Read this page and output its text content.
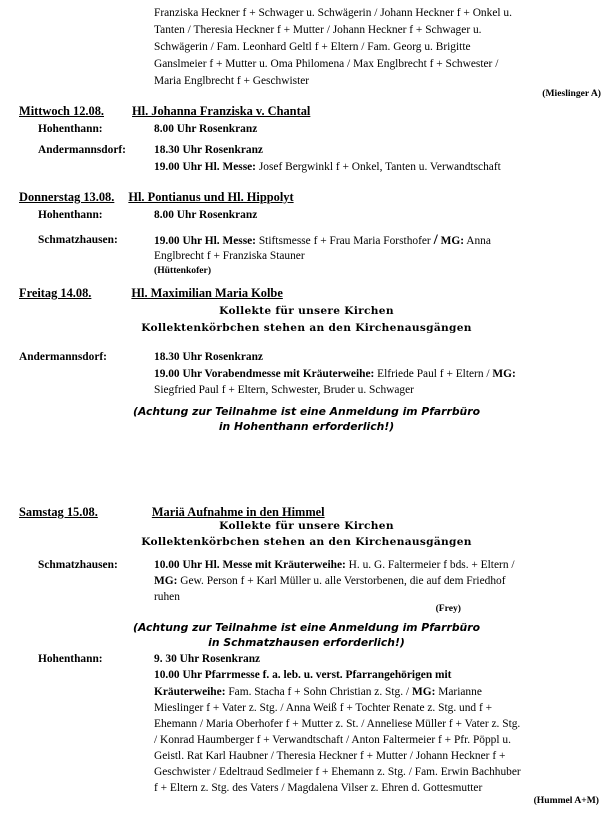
Franziska Heckner f + Schwager u. Schwägerin / Johann Heckner f + Onkel u.
Tanten / Theresia Heckner f + Mutter / Johann Heckner f + Schwager u.
Schwägerin / Fam. Leonhard Geltl f + Eltern / Fam. Georg u. Brigitte
Ganslmeier f + Mutter u. Oma Philomena / Max Englbrecht f + Schwester /
Maria Englbrecht f + Geschwister
(Mieslinger A)
Mittwoch 12.08. Hl. Johanna Franziska v. Chantal
Hohenthann:	8.00 Uhr Rosenkranz
Andermannsdorf: 18.30 Uhr Rosenkranz
19.00 Uhr Hl. Messe: Josef Bergwinkl f + Onkel, Tanten u. Verwandtschaft
Donnerstag 13.08. Hl. Pontianus und Hl. Hippolyt
Hohenthann:	8.00 Uhr Rosenkranz
Schmatzhausen:	19.00 Uhr Hl. Messe: Stiftsmesse f + Frau Maria Forsthofer / MG: Anna
Englbrecht f + Franziska Stauner
(Hüttenkofer)
Freitag 14.08.	Hl. Maximilian Maria Kolbe
Kollekte für unsere Kirchen
Kollektenkörbchen stehen an den Kirchenausgängen
Andermannsdorf:	18.30 Uhr Rosenkranz
19.00 Uhr Vorabendmesse mit Kräuterweihe: Elfriede Paul f + Eltern / MG:
Siegfried Paul f + Eltern, Schwester, Bruder u. Schwager
(Achtung zur Teilnahme ist eine Anmeldung im Pfarrbüro
in Hohenthann erforderlich!)
Samstag 15.08.	Mariä Aufnahme in den Himmel
Kollekte für unsere Kirchen
Kollektenkörbchen stehen an den Kirchenausgängen
Schmatzhausen:	10.00 Uhr Hl. Messe mit Kräuterweihe: H. u. G. Faltermeier f bds. + Eltern /
MG: Gew. Person f + Karl Müller u. alle Verstorbenen, die auf dem Friedhof
ruhen
(Frey)
(Achtung zur Teilnahme ist eine Anmeldung im Pfarrbüro
in Schmatzhausen erforderlich!)
Hohenthann:	9. 30 Uhr Rosenkranz
10.00 Uhr Pfarrmesse f. a. leb. u. verst. Pfarrangehörigen mit
Kräuterweihe: Fam. Stacha f + Sohn Christian z. Stg. / MG: Marianne
Mieslinger f + Vater z. Stg. / Anna Weiß f + Tochter Renate z. Stg. und f +
Ehemann / Maria Oberhofer f + Mutter z. St. / Anneliese Müller f + Vater z. Stg.
/ Konrad Haumberger f + Verwandtschaft / Anton Faltermeier f + Pfr. Pöppl u.
Geistl. Rat Karl Haubner / Theresia Heckner f + Mutter / Johann Heckner f +
Geschwister / Edeltraud Sedlmeier f + Ehemann z. Stg. / Fam. Erwin Bachhuber
f + Eltern z. Stg. des Vaters / Magdalena Vilser z. Ehren d. Gottesmutter
(Hummel A+M)
